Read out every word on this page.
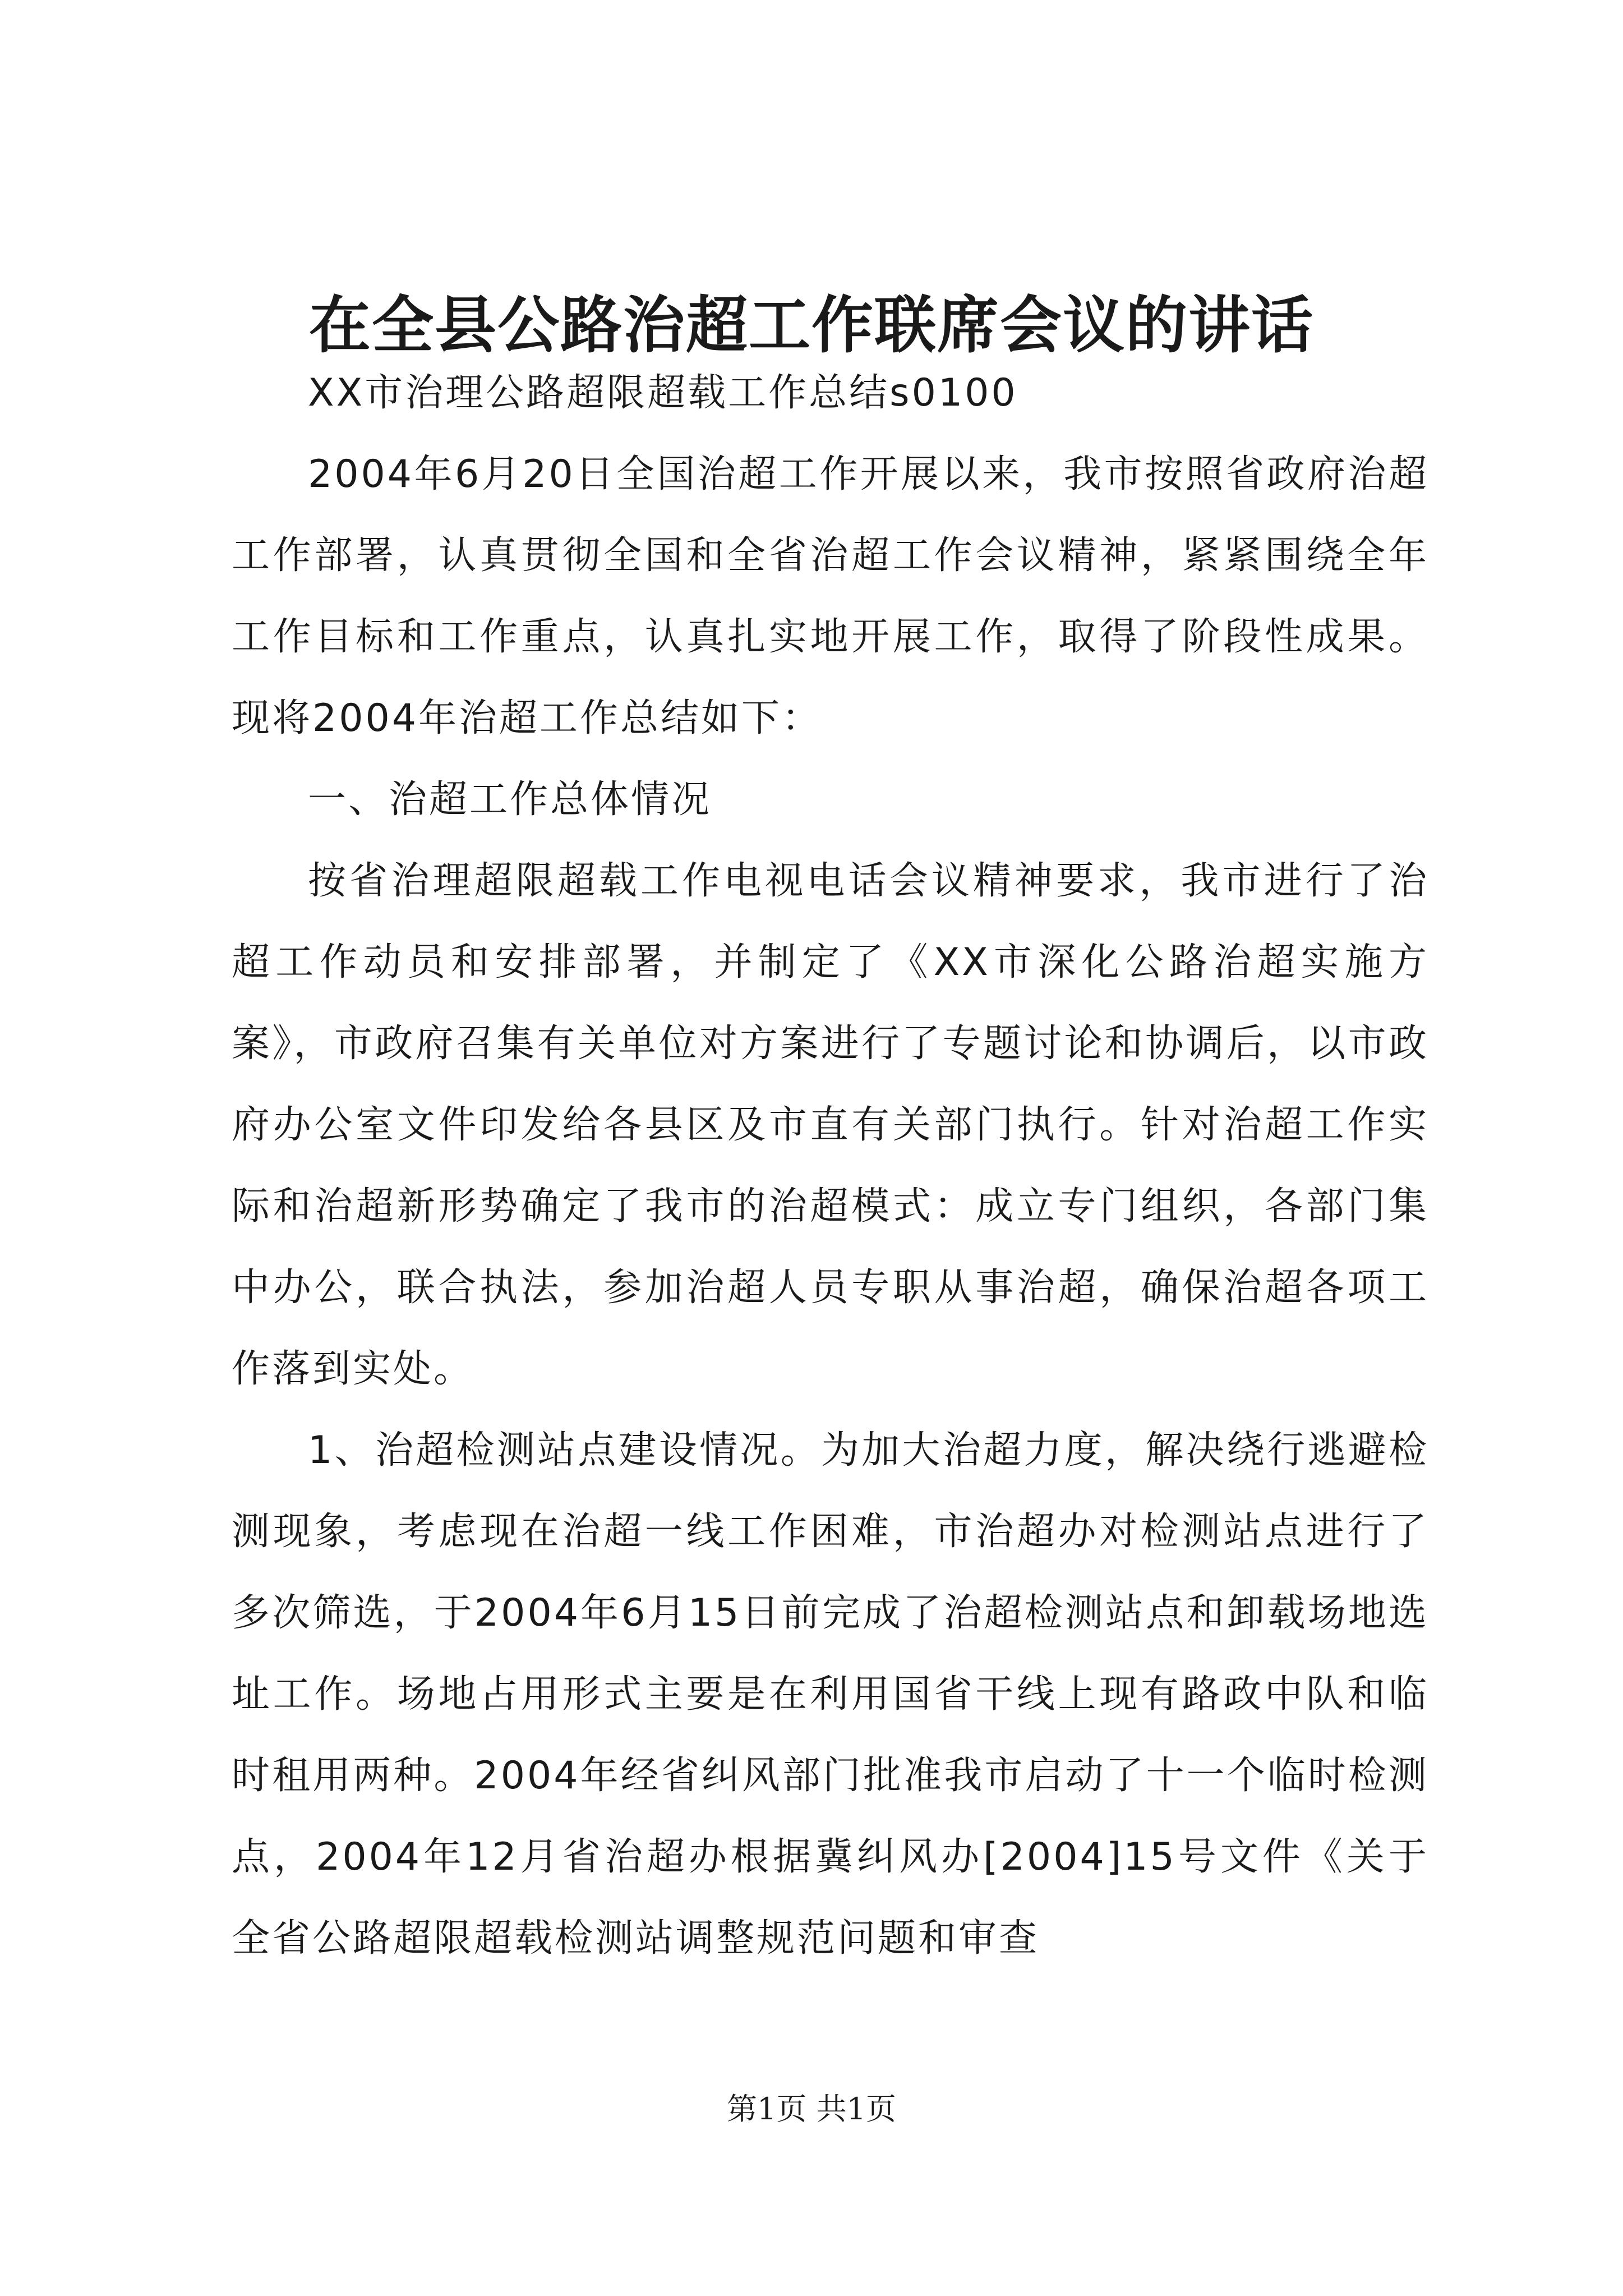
在全县公路治超工作联席会议的讲话

XX市治理公路超限超载工作总结s0100

2004年6月20日全国治超工作开展以来，我市按照省政府治超工作部署，认真贯彻全国和全省治超工作会议精神，紧紧围绕全年工作目标和工作重点，认真扎实地开展工作，取得了阶段性成果。现将2004年治超工作总结如下：

一、治超工作总体情况

按省治理超限超载工作电视电话会议精神要求，我市进行了治超工作动员和安排部署，并制定了《XX市深化公路治超实施方案》，市政府召集有关单位对方案进行了专题讨论和协调后，以市政府办公室文件印发给各县区及市直有关部门执行。针对治超工作实际和治超新形势确定了我市的治超模式：成立专门组织，各部门集中办公，联合执法，参加治超人员专职从事治超，确保治超各项工作落到实处。

1、治超检测站点建设情况。为加大治超力度，解决绕行逃避检测现象，考虑现在治超一线工作困难，市治超办对检测站点进行了多次筛选，于2004年6月15日前完成了治超检测站点和卸载场地选址工作。场地占用形式主要是在利用国省干线上现有路政中队和临时租用两种。2004年经省纠风部门批准我市启动了十一个临时检测点，2004年12月省治超办根据冀纠风办[2004]15号文件《关于全省公路超限超载检测站调整规范问题和审查

第1页 共1页
